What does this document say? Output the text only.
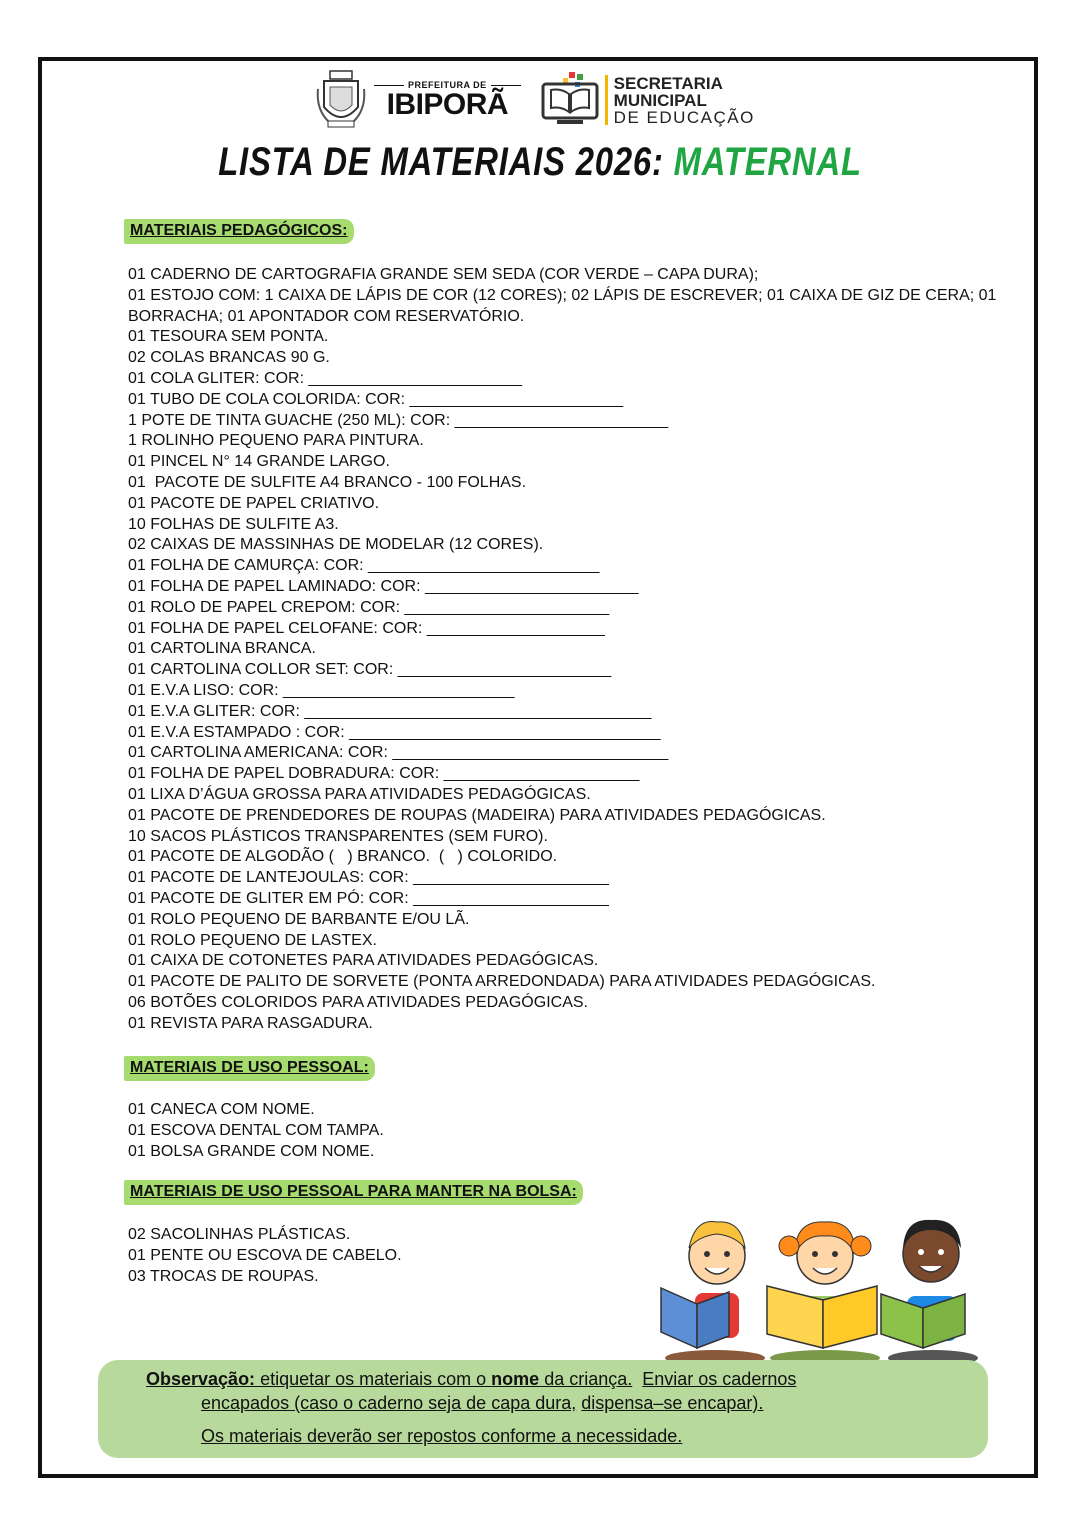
PREFEITURA DE
IBIPORÃ
SECRETARIA
MUNICIPAL
DE EDUCAÇÃO
LISTA DE MATERIAIS 2026: MATERNAL
MATERIAIS PEDAGÓGICOS:
01 CADERNO DE CARTOGRAFIA GRANDE SEM SEDA (COR VERDE – CAPA DURA);
01 ESTOJO COM: 1 CAIXA DE LÁPIS DE COR (12 CORES); 02 LÁPIS DE ESCREVER; 01 CAIXA DE GIZ DE CERA; 01 BORRACHA; 01 APONTADOR COM RESERVATÓRIO.
01 TESOURA SEM PONTA.
02 COLAS BRANCAS 90 G.
01 COLA GLITER: COR: ________________________
01 TUBO DE COLA COLORIDA: COR: ________________________
1 POTE DE TINTA GUACHE (250 ML): COR: ________________________
1 ROLINHO PEQUENO PARA PINTURA.
01 PINCEL N° 14 GRANDE LARGO.
01  PACOTE DE SULFITE A4 BRANCO - 100 FOLHAS.
01 PACOTE DE PAPEL CRIATIVO.
10 FOLHAS DE SULFITE A3.
02 CAIXAS DE MASSINHAS DE MODELAR (12 CORES).
01 FOLHA DE CAMURÇA: COR: __________________________
01 FOLHA DE PAPEL LAMINADO: COR: ________________________
01 ROLO DE PAPEL CREPOM: COR: _______________________
01 FOLHA DE PAPEL CELOFANE: COR: ____________________
01 CARTOLINA BRANCA.
01 CARTOLINA COLLOR SET: COR: ________________________
01 E.V.A LISO: COR: __________________________
01 E.V.A GLITER: COR: _______________________________________
01 E.V.A ESTAMPADO : COR: ___________________________________
01 CARTOLINA AMERICANA: COR: _______________________________
01 FOLHA DE PAPEL DOBRADURA: COR: ______________________
01 LIXA D’ÁGUA GROSSA PARA ATIVIDADES PEDAGÓGICAS.
01 PACOTE DE PRENDEDORES DE ROUPAS (MADEIRA) PARA ATIVIDADES PEDAGÓGICAS.
10 SACOS PLÁSTICOS TRANSPARENTES (SEM FURO).
01 PACOTE DE ALGODÃO (   ) BRANCO.  (   ) COLORIDO.
01 PACOTE DE LANTEJOULAS: COR: ______________________
01 PACOTE DE GLITER EM PÓ: COR: ______________________
01 ROLO PEQUENO DE BARBANTE E/OU LÃ.
01 ROLO PEQUENO DE LASTEX.
01 CAIXA DE COTONETES PARA ATIVIDADES PEDAGÓGICAS.
01 PACOTE DE PALITO DE SORVETE (PONTA ARREDONDADA) PARA ATIVIDADES PEDAGÓGICAS.
06 BOTÕES COLORIDOS PARA ATIVIDADES PEDAGÓGICAS.
01 REVISTA PARA RASGADURA.
MATERIAIS DE USO PESSOAL:
01 CANECA COM NOME.
01 ESCOVA DENTAL COM TAMPA.
01 BOLSA GRANDE COM NOME.
MATERIAIS DE USO PESSOAL PARA MANTER NA BOLSA:
02 SACOLINHAS PLÁSTICAS.
01 PENTE OU ESCOVA DE CABELO.
03 TROCAS DE ROUPAS.
Observação: etiquetar os materiais com o nome da criança. Enviar os cadernos
encapados (caso o caderno seja de capa dura, dispensa–se encapar).
Os materiais deverão ser repostos conforme a necessidade.
